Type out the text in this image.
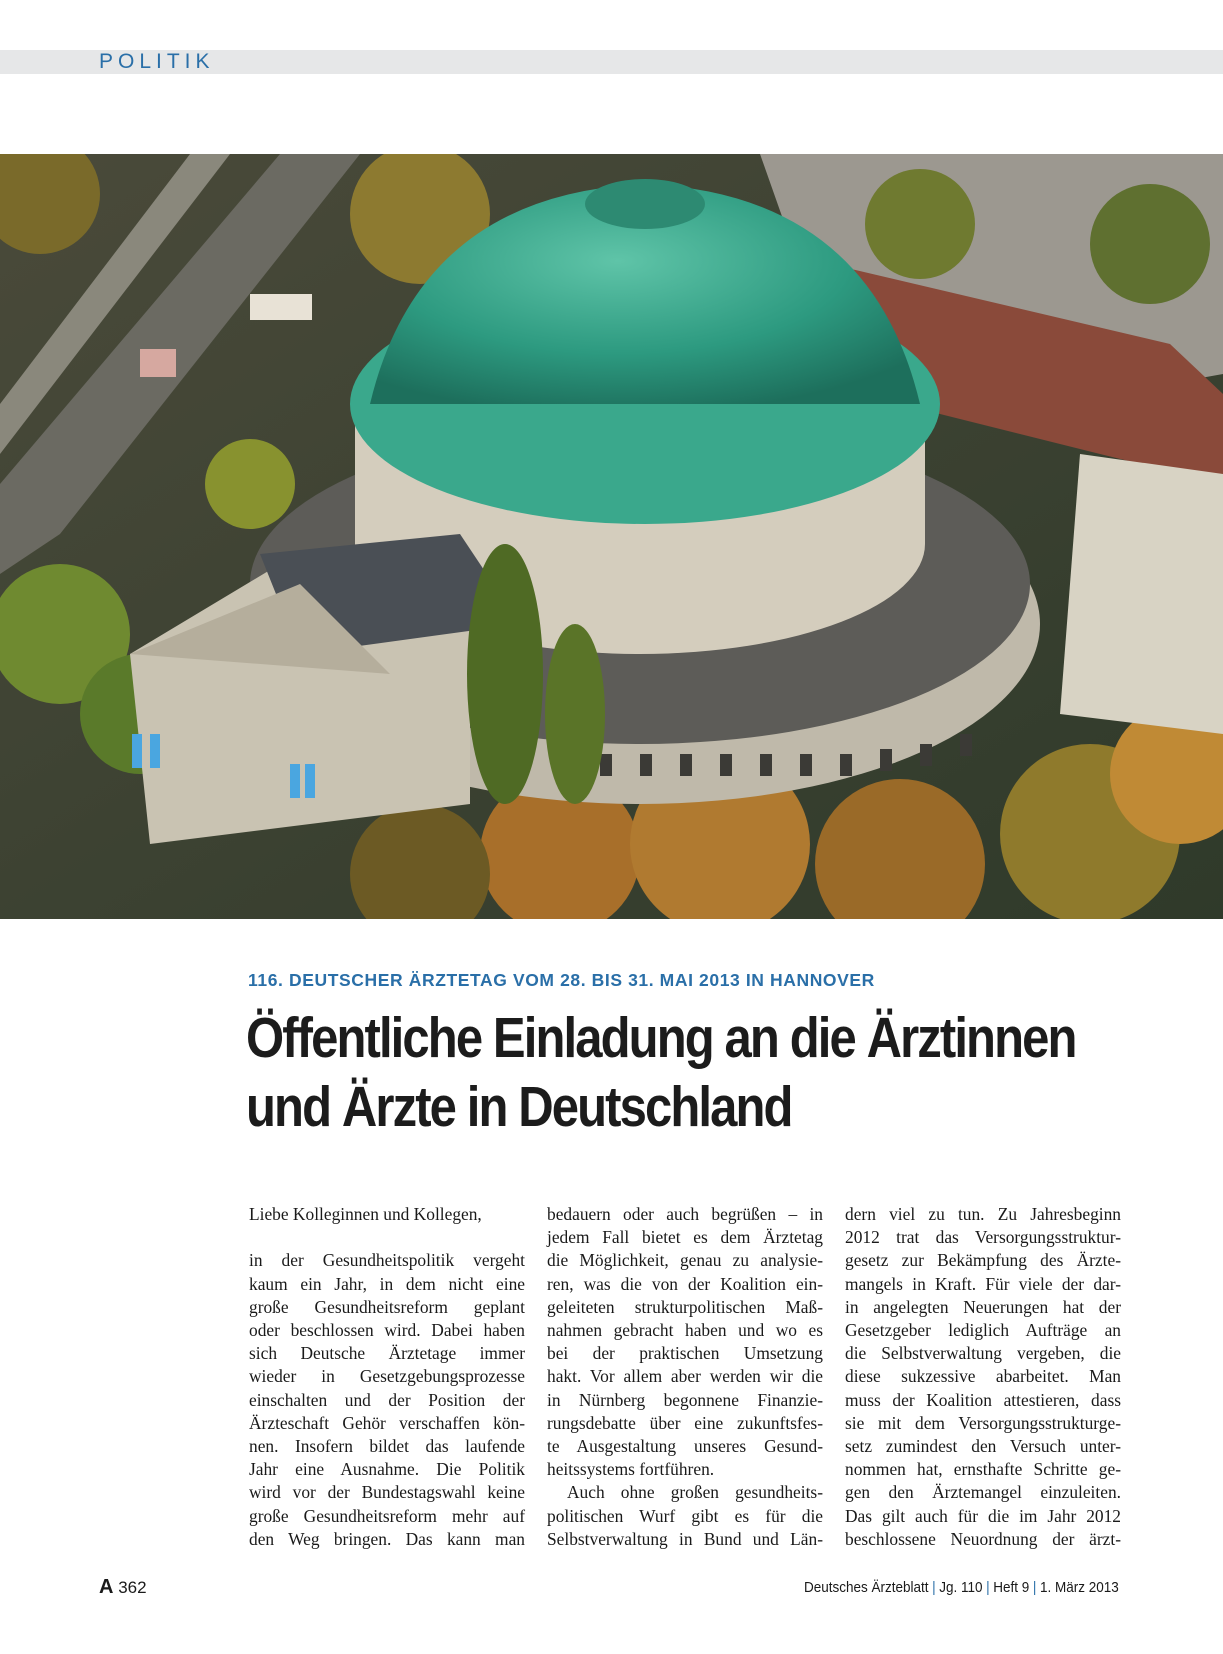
POLITIK
116. DEUTSCHER ÄRZTETAG VOM 28. BIS 31. MAI 2013 IN HANNOVER
Öffentliche Einladung an die Ärztinnen
und Ärzte in Deutschland
Liebe Kolleginnen und Kollegen,
in der Gesundheitspolitik vergeht
kaum ein Jahr, in dem nicht eine
große Gesundheitsreform geplant
oder beschlossen wird. Dabei haben
sich Deutsche Ärztetage immer
wieder in Gesetzgebungsprozesse
einschalten und der Position der
Ärzteschaft Gehör verschaffen kön-
nen. Insofern bildet das laufende
Jahr eine Ausnahme. Die Politik
wird vor der Bundestagswahl keine
große Gesundheitsreform mehr auf
den Weg bringen. Das kann man
bedauern oder auch begrüßen – in
jedem Fall bietet es dem Ärztetag
die Möglichkeit, genau zu analysie-
ren, was die von der Koalition ein-
geleiteten strukturpolitischen Maß-
nahmen gebracht haben und wo es
bei der praktischen Umsetzung
hakt. Vor allem aber werden wir die
in Nürnberg begonnene Finanzie-
rungsdebatte über eine zukunftsfes-
te Ausgestaltung unseres Gesund-
heitssystems fortführen.
Auch ohne großen gesundheits-
politischen Wurf gibt es für die
Selbstverwaltung in Bund und Län-
dern viel zu tun. Zu Jahresbeginn
2012 trat das Versorgungsstruktur-
gesetz zur Bekämpfung des Ärzte-
mangels in Kraft. Für viele der dar-
in angelegten Neuerungen hat der
Gesetzgeber lediglich Aufträge an
die Selbstverwaltung vergeben, die
diese sukzessive abarbeitet. Man
muss der Koalition attestieren, dass
sie mit dem Versorgungsstrukturge-
setz zumindest den Versuch unter-
nommen hat, ernsthafte Schritte ge-
gen den Ärztemangel einzuleiten.
Das gilt auch für die im Jahr 2012
beschlossene Neuordnung der ärzt-
A 362	Deutsches Ärzteblatt | Jg. 110 | Heft 9 | 1. März 2013
